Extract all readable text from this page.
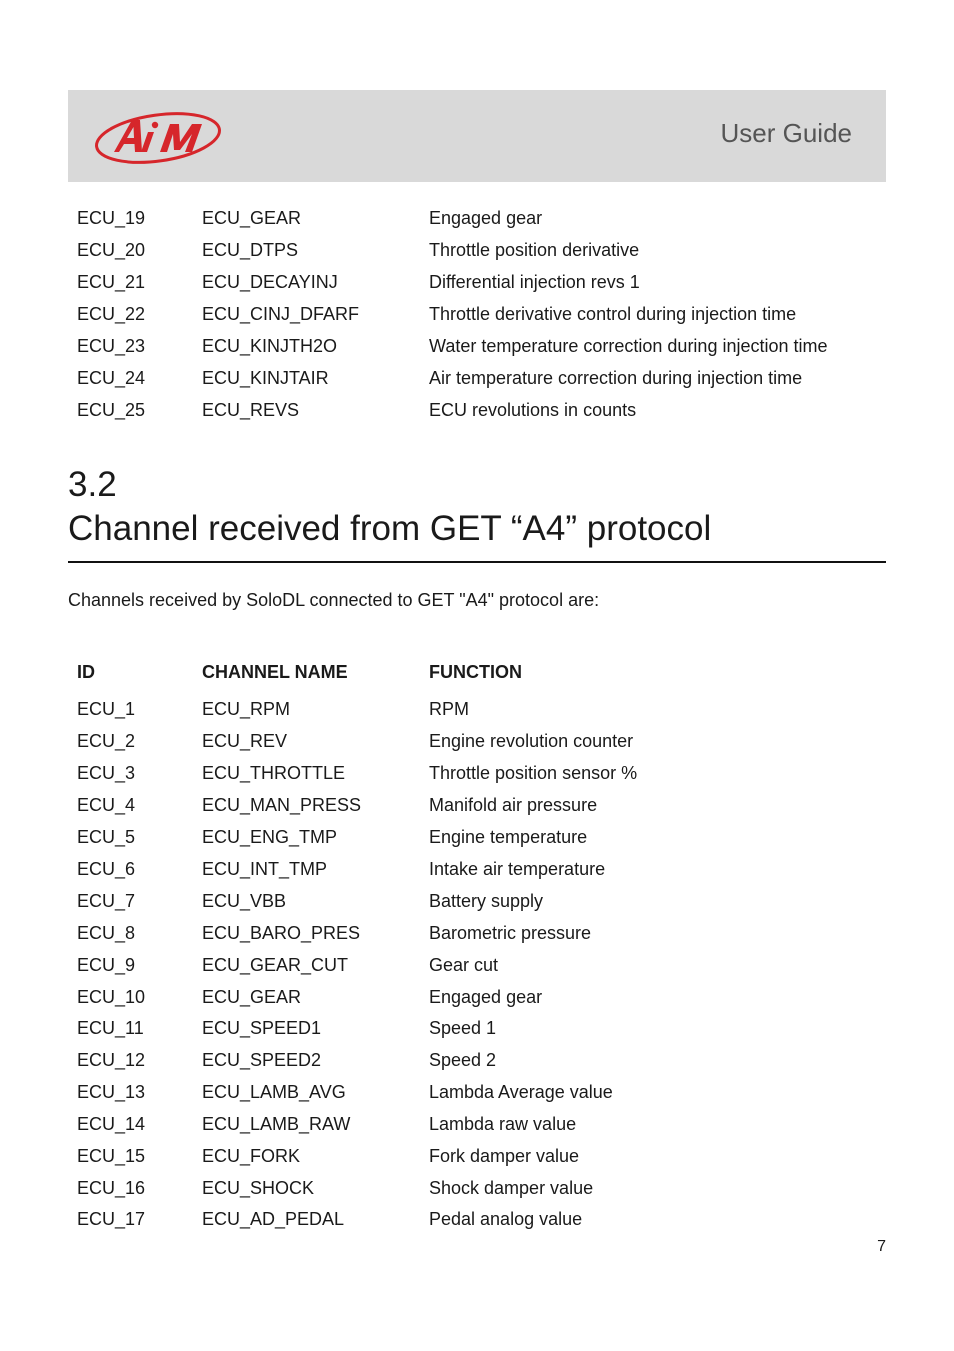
User Guide
ECU_19	ECU_GEAR	Engaged gear
ECU_20	ECU_DTPS	Throttle position derivative
ECU_21	ECU_DECAYINJ	Differential injection revs 1
ECU_22	ECU_CINJ_DFARF	Throttle derivative control during injection time
ECU_23	ECU_KINJTH2O	Water temperature correction during injection time
ECU_24	ECU_KINJTAIR	Air temperature correction during injection time
ECU_25	ECU_REVS	ECU revolutions in counts
3.2
Channel received from GET “A4” protocol
Channels received by SoloDL connected to GET "A4" protocol are:
ID	CHANNEL NAME	FUNCTION
ECU_1	ECU_RPM	RPM
ECU_2	ECU_REV	Engine revolution counter
ECU_3	ECU_THROTTLE	Throttle position sensor %
ECU_4	ECU_MAN_PRESS	Manifold air pressure
ECU_5	ECU_ENG_TMP	Engine temperature
ECU_6	ECU_INT_TMP	Intake air temperature
ECU_7	ECU_VBB	Battery supply
ECU_8	ECU_BARO_PRES	Barometric pressure
ECU_9	ECU_GEAR_CUT	Gear cut
ECU_10	ECU_GEAR	Engaged gear
ECU_11	ECU_SPEED1	Speed 1
ECU_12	ECU_SPEED2	Speed 2
ECU_13	ECU_LAMB_AVG	Lambda Average value
ECU_14	ECU_LAMB_RAW	Lambda raw value
ECU_15	ECU_FORK	Fork damper value
ECU_16	ECU_SHOCK	Shock damper value
ECU_17	ECU_AD_PEDAL	Pedal analog value
7
